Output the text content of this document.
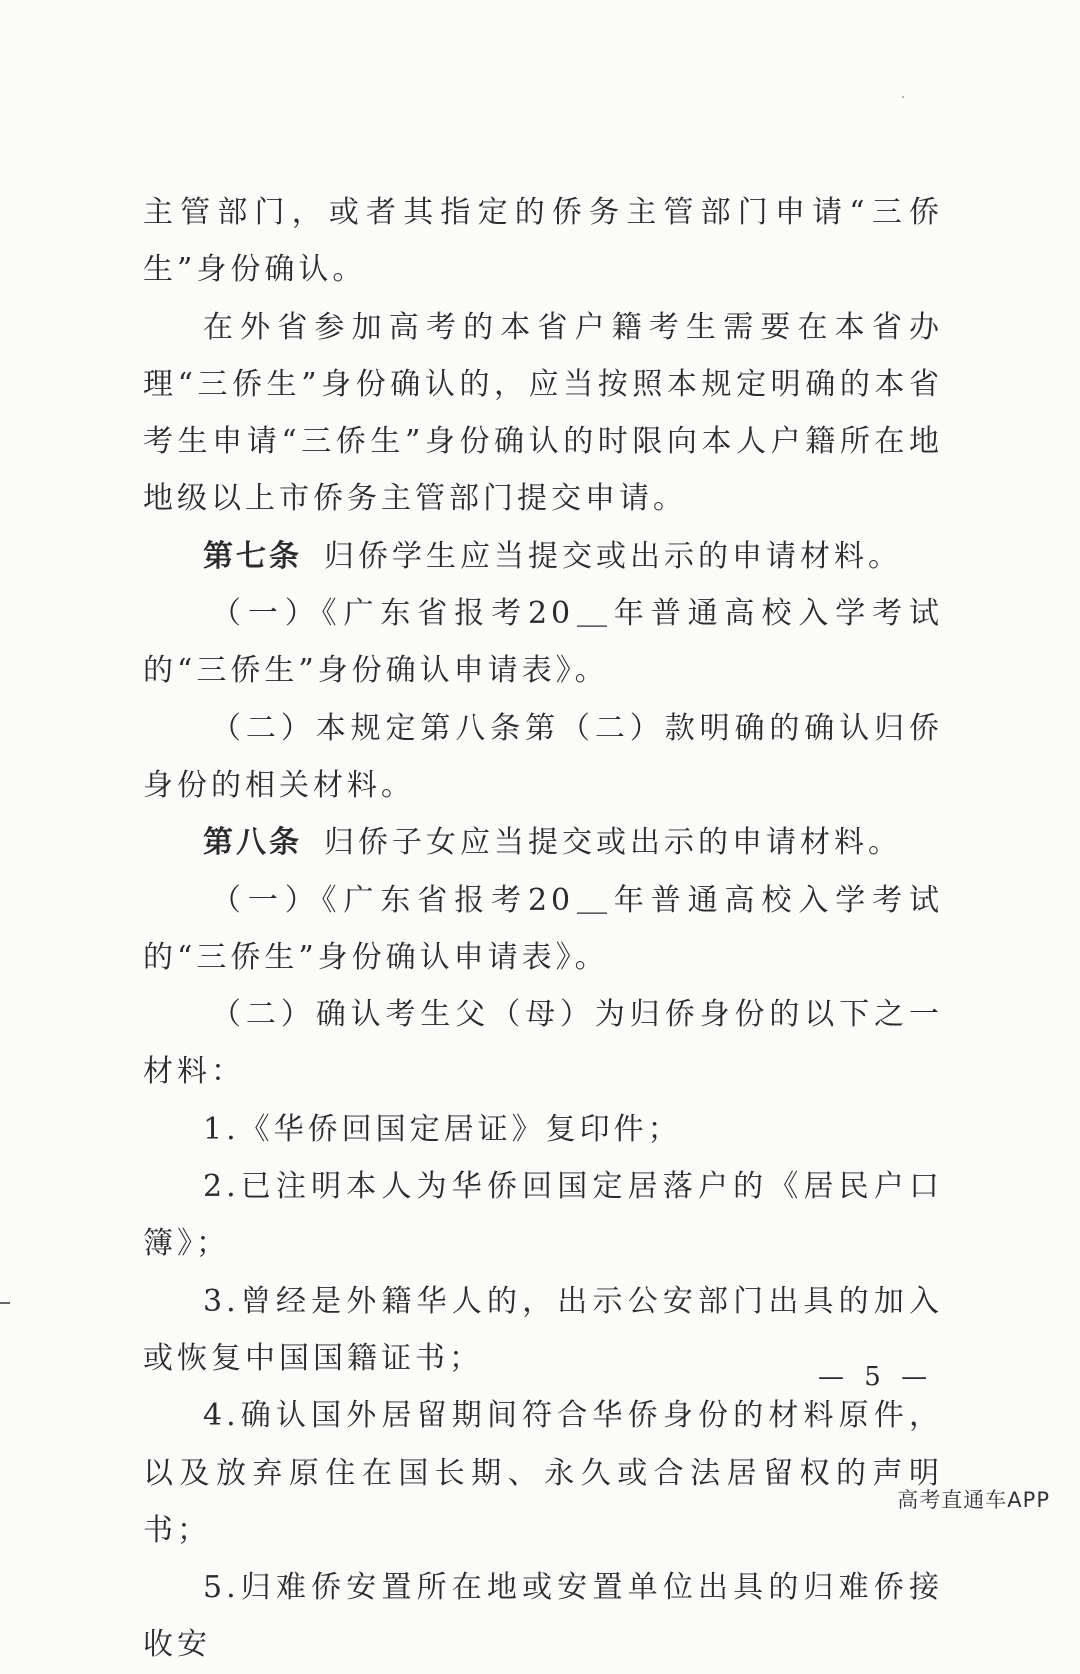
主管部门，或者其指定的侨务主管部门申请“三侨生”身份确认。

在外省参加高考的本省户籍考生需要在本省办理“三侨生”身份确认的，应当按照本规定明确的本省考生申请“三侨生”身份确认的时限向本人户籍所在地地级以上市侨务主管部门提交申请。

第七条 归侨学生应当提交或出示的申请材料。

（一）《广东省报考20＿年普通高校入学考试的“三侨生”身份确认申请表》。

（二）本规定第八条第（二）款明确的确认归侨身份的相关材料。

第八条 归侨子女应当提交或出示的申请材料。

（一）《广东省报考20＿年普通高校入学考试的“三侨生”身份确认申请表》。

（二）确认考生父（母）为归侨身份的以下之一材料：

1.《华侨回国定居证》复印件；

2.已注明本人为华侨回国定居落户的《居民户口簿》；

3.曾经是外籍华人的，出示公安部门出具的加入或恢复中国国籍证书；

4.确认国外居留期间符合华侨身份的材料原件，以及放弃原住在国长期、永久或合法居留权的声明书；

5.归难侨安置所在地或安置单位出具的归难侨接收安

— 5 —
高考直通车APP
